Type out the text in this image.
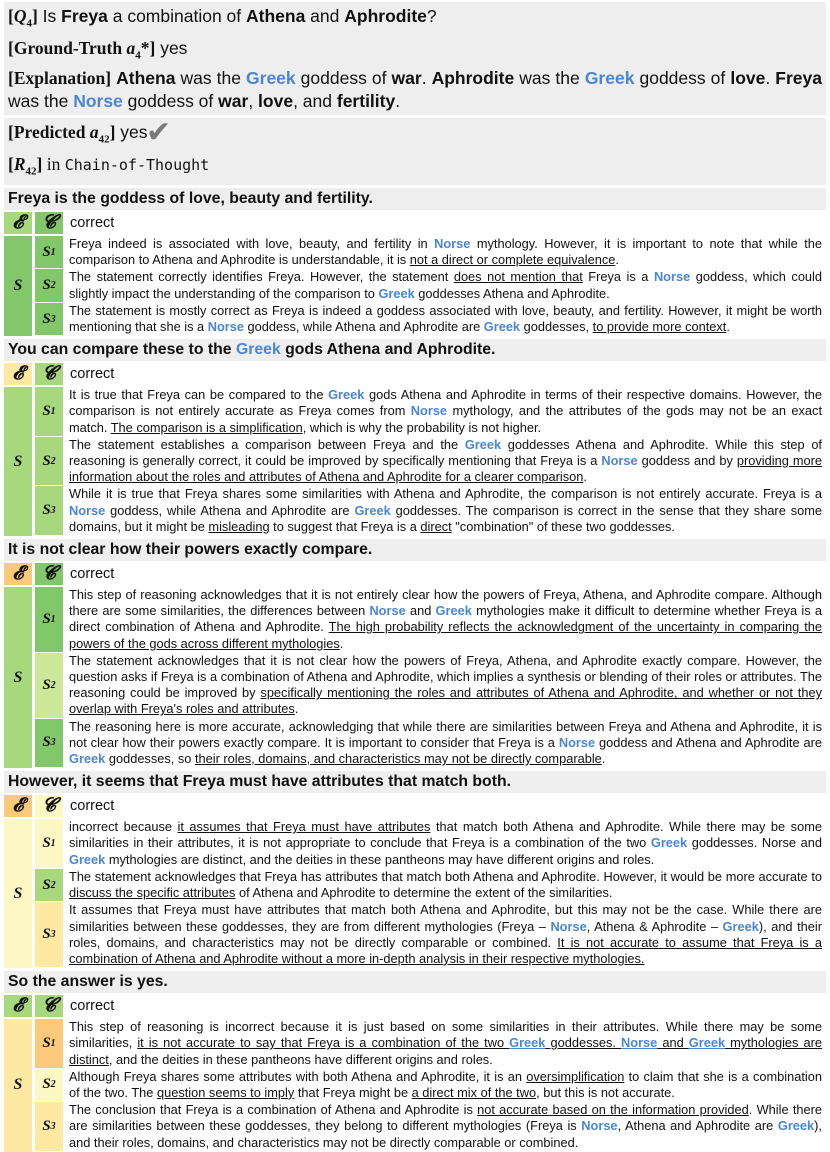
$[Q_4]$ Is Freya a combination of Athena and Aphrodite?
[Ground-Truth $a_4*$] yes
[Explanation] Athena was the Greek goddess of war. Aphrodite was the Greek goddess of love. Freya was the Norse goddess of war, love, and fertility.
[Predicted $a_{42}$] yes
✔
$[R_{42}]$ in Chain-of-Thought
Freya is the goddess of love, beauty and fertility.
𝓔 𝓒 correct
S
S 1
Freya indeed is associated with love, beauty, and fertility in Norse mythology. However, it is important to note that while the comparison to Athena and Aphrodite is understandable, it is not a direct or complete equivalence.
S 2
The statement correctly identifies Freya. However, the statement does not mention that Freya is a Norse goddess, which could slightly impact the understanding of the comparison to Greek goddesses Athena and Aphrodite.
S 3
The statement is mostly correct as Freya is indeed a goddess associated with love, beauty, and fertility. However, it might be worth mentioning that she is a Norse goddess, while Athena and Aphrodite are Greek goddesses, to provide more context.
You can compare these to the Greek gods Athena and Aphrodite.
𝓔 𝓒 correct
S
S 1
It is true that Freya can be compared to the Greek gods Athena and Aphrodite in terms of their respective domains. However, the comparison is not entirely accurate as Freya comes from Norse mythology, and the attributes of the gods may not be an exact match. The comparison is a simplification, which is why the probability is not higher.
S 2
The statement establishes a comparison between Freya and the Greek goddesses Athena and Aphrodite. While this step of reasoning is generally correct, it could be improved by specifically mentioning that Freya is a Norse goddess and by providing more information about the roles and attributes of Athena and Aphrodite for a clearer comparison.
S 3
While it is true that Freya shares some similarities with Athena and Aphrodite, the comparison is not entirely accurate. Freya is a Norse goddess, while Athena and Aphrodite are Greek goddesses. The comparison is correct in the sense that they share some domains, but it might be misleading to suggest that Freya is a direct "combination" of these two goddesses.
It is not clear how their powers exactly compare.
𝓔 𝓒 correct
S
S 1
This step of reasoning acknowledges that it is not entirely clear how the powers of Freya, Athena, and Aphrodite compare. Although there are some similarities, the differences between Norse and Greek mythologies make it difficult to determine whether Freya is a direct combination of Athena and Aphrodite. The high probability reflects the acknowledgment of the uncertainty in comparing the powers of the gods across different mythologies.
S 2
The statement acknowledges that it is not clear how the powers of Freya, Athena, and Aphrodite exactly compare. However, the question asks if Freya is a combination of Athena and Aphrodite, which implies a synthesis or blending of their roles or attributes. The reasoning could be improved by specifically mentioning the roles and attributes of Athena and Aphrodite, and whether or not they overlap with Freya's roles and attributes.
S 3
The reasoning here is more accurate, acknowledging that while there are similarities between Freya and Athena and Aphrodite, it is not clear how their powers exactly compare. It is important to consider that Freya is a Norse goddess and Athena and Aphrodite are Greek goddesses, so their roles, domains, and characteristics may not be directly comparable.
However, it seems that Freya must have attributes that match both.
𝓔 𝓒 correct
S
S 1
incorrect because it assumes that Freya must have attributes that match both Athena and Aphrodite. While there may be some similarities in their attributes, it is not appropriate to conclude that Freya is a combination of the two Greek goddesses. Norse and Greek mythologies are distinct, and the deities in these pantheons may have different origins and roles.
S 2
The statement acknowledges that Freya has attributes that match both Athena and Aphrodite. However, it would be more accurate to discuss the specific attributes of Athena and Aphrodite to determine the extent of the similarities.
S 3
It assumes that Freya must have attributes that match both Athena and Aphrodite, but this may not be the case. While there are similarities between these goddesses, they are from different mythologies (Freya – Norse, Athena & Aphrodite – Greek), and their roles, domains, and characteristics may not be directly comparable or combined. It is not accurate to assume that Freya is a combination of Athena and Aphrodite without a more in-depth analysis in their respective mythologies.
So the answer is yes.
𝓔 𝓒 correct
S
S 1
This step of reasoning is incorrect because it is just based on some similarities in their attributes. While there may be some similarities, it is not accurate to say that Freya is a combination of the two Greek goddesses. Norse and Greek mythologies are distinct, and the deities in these pantheons have different origins and roles.
S 2
Although Freya shares some attributes with both Athena and Aphrodite, it is an oversimplification to claim that she is a combination of the two. The question seems to imply that Freya might be a direct mix of the two, but this is not accurate.
S 3
The conclusion that Freya is a combination of Athena and Aphrodite is not accurate based on the information provided. While there are similarities between these goddesses, they belong to different mythologies (Freya is Norse, Athena and Aphrodite are Greek), and their roles, domains, and characteristics may not be directly comparable or combined.
